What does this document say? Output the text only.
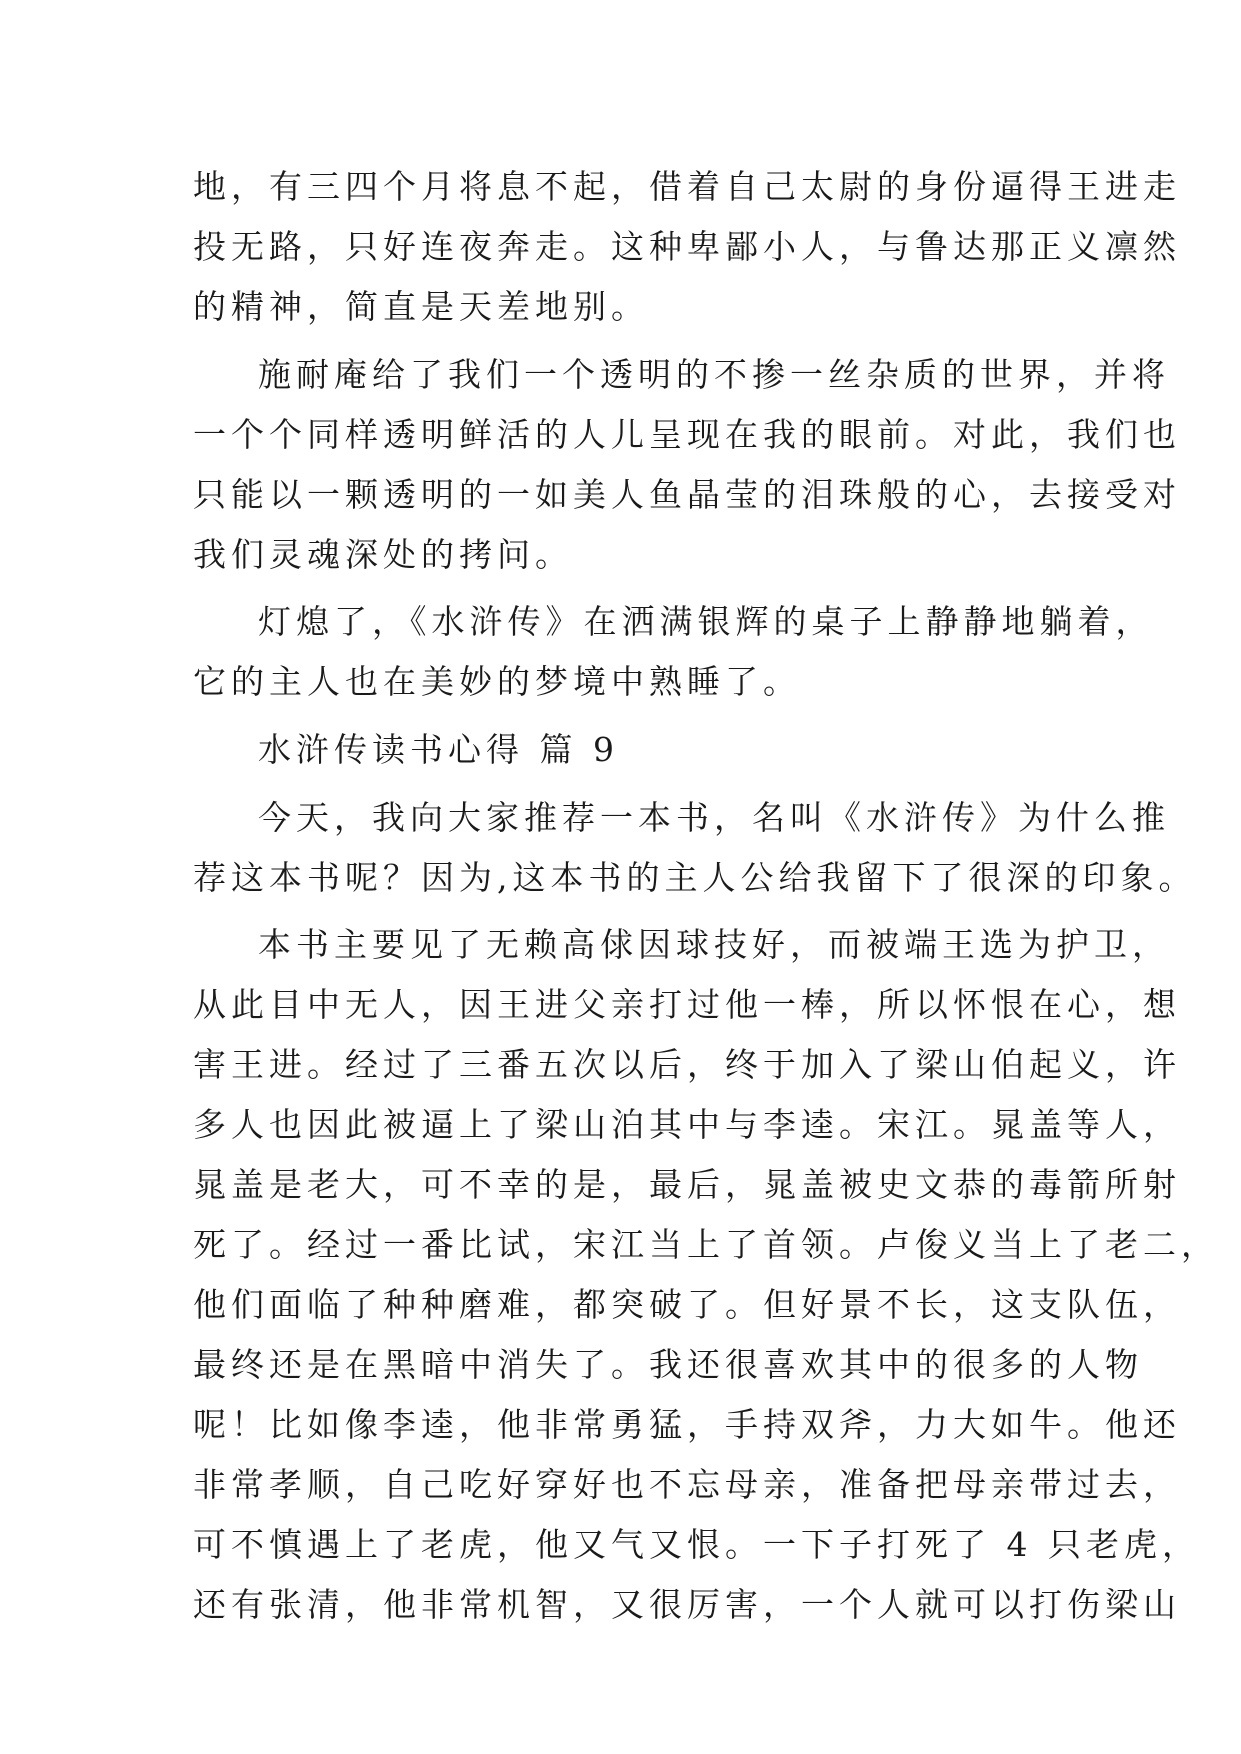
地，有三四个月将息不起，借着自己太尉的身份逼得王进走
投无路，只好连夜奔走。这种卑鄙小人，与鲁达那正义凛然
的精神，简直是天差地别。
施耐庵给了我们一个透明的不掺一丝杂质的世界，并将
一个个同样透明鲜活的人儿呈现在我的眼前。对此，我们也
只能以一颗透明的一如美人鱼晶莹的泪珠般的心，去接受对
我们灵魂深处的拷问。
灯熄了，《水浒传》在洒满银辉的桌子上静静地躺着，
它的主人也在美妙的梦境中熟睡了。
水浒传读书心得 篇 9
今天，我向大家推荐一本书，名叫《水浒传》为什么推
荐这本书呢？因为,这本书的主人公给我留下了很深的印象。
本书主要见了无赖高俅因球技好，而被端王选为护卫，
从此目中无人，因王进父亲打过他一棒，所以怀恨在心，想
害王进。经过了三番五次以后，终于加入了梁山伯起义，许
多人也因此被逼上了梁山泊其中与李逵。宋江。晁盖等人，
晁盖是老大，可不幸的是，最后，晁盖被史文恭的毒箭所射
死了。经过一番比试，宋江当上了首领。卢俊义当上了老二，
他们面临了种种磨难，都突破了。但好景不长，这支队伍，
最终还是在黑暗中消失了。我还很喜欢其中的很多的人物
呢！比如像李逵，他非常勇猛，手持双斧，力大如牛。他还
非常孝顺，自己吃好穿好也不忘母亲，准备把母亲带过去，
可不慎遇上了老虎，他又气又恨。一下子打死了 4 只老虎，
还有张清，他非常机智，又很厉害，一个人就可以打伤梁山
